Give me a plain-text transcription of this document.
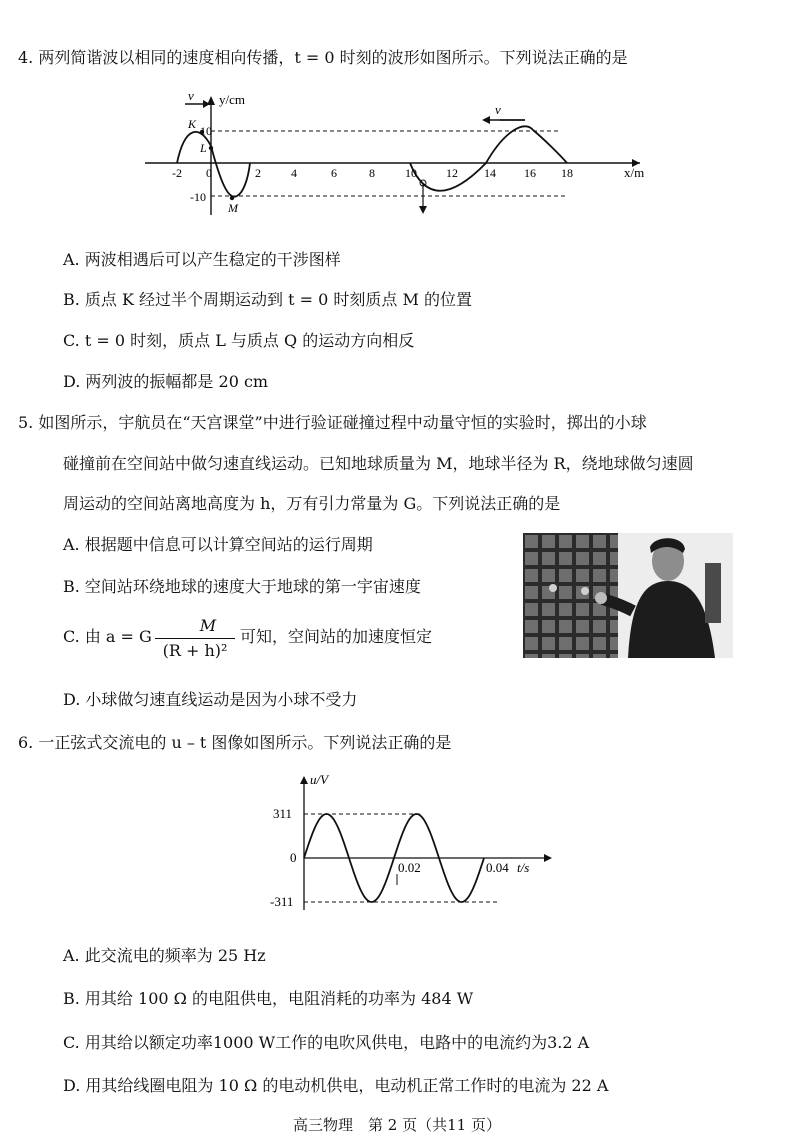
4. 两列简谐波以相同的速度相向传播，t = 0 时刻的波形如图所示。下列说法正确的是
v
v
y/cm
x/m
K
L
M
10
-10
-2 0	2	4	6	8	10 12 14 16 18
A. 两波相遇后可以产生稳定的干涉图样
B. 质点 K 经过半个周期运动到 t = 0 时刻质点 M 的位置
C. t = 0 时刻，质点 L 与质点 Q 的运动方向相反
D. 两列波的振幅都是 20 cm
5. 如图所示，宇航员在“天宫课堂”中进行验证碰撞过程中动量守恒的实验时，掷出的小球
碰撞前在空间站中做匀速直线运动。已知地球质量为 M，地球半径为 R，绕地球做匀速圆
周运动的空间站离地高度为 h，万有引力常量为 G。下列说法正确的是
A. 根据题中信息可以计算空间站的运行周期
B. 空间站环绕地球的速度大于地球的第一宇宙速度
C. 由 a = G
M
(R + h)²
可知，空间站的加速度恒定
D. 小球做匀速直线运动是因为小球不受力
6. 一正弦式交流电的 u – t 图像如图所示。下列说法正确的是
u/V
t/s
311
0
-311
0.02	0.04
A. 此交流电的频率为 25 Hz
B. 用其给 100 Ω 的电阻供电，电阻消耗的功率为 484 W
C. 用其给以额定功率1000 W工作的电吹风供电，电路中的电流约为3.2 A
D. 用其给线圈电阻为 10 Ω 的电动机供电，电动机正常工作时的电流为 22 A
高三物理　第 2 页（共11 页）
